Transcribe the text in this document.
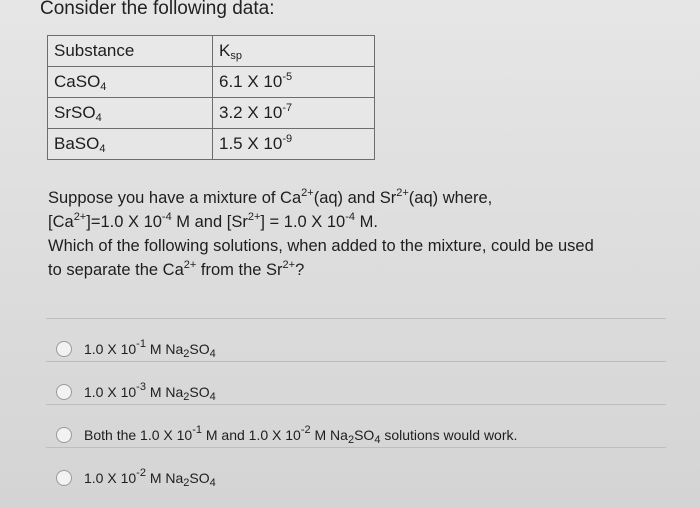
Consider the following data:
Substance	$K_{sp}$
CaSO$_4$	6.1 X $10^{-5}$
SrSO$_4$	3.2 X $10^{-7}$
BaSO$_4$	1.5 X $10^{-9}$
Suppose you have a mixture of $Ca^{2+}(aq)$ and $Sr^{2+}(aq)$ where,
$[Ca^{2+}]=1.0$ X $10^{-4}$ M and $[Sr^{2+}] = 1.0$ X $10^{-4}$ M.
Which of the following solutions, when added to the mixture, could be used
to separate the $Ca^{2+}$ from the $Sr^{2+}$?
1.0 X $10^{-1}$ M $Na_2SO_4$
1.0 X $10^{-3}$ M $Na_2SO_4$
Both the 1.0 X $10^{-1}$ M and 1.0 X $10^{-2}$ M $Na_2SO_4$ solutions would work.
1.0 X $10^{-2}$ M $Na_2SO_4$
